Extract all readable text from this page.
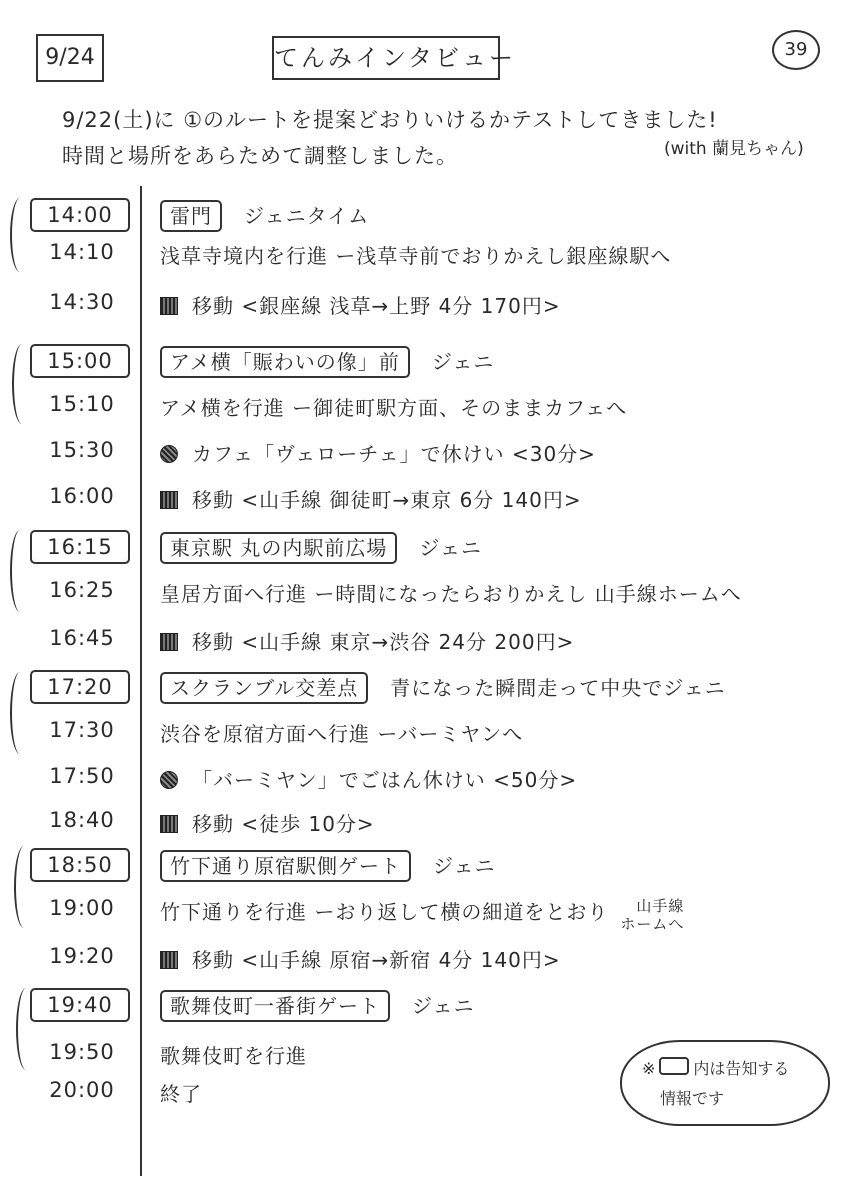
9/24	てんみインタビュー	39
9/22(土)に ①のルートを提案どおりいけるかテストしてきました!
時間と場所をあらためて調整しました。	(with 蘭見ちゃん)
14:00	雷門 ジェニタイム
14:10	浅草寺境内を行進 ー浅草寺前でおりかえし銀座線駅へ
14:30	移動 <銀座線 浅草→上野 4分 170円>
15:00	アメ横「賑わいの像」前 ジェニ
15:10	アメ横を行進 ー御徒町駅方面、そのままカフェへ
15:30	カフェ「ヴェローチェ」で休けい <30分>
16:00	移動 <山手線 御徒町→東京 6分 140円>
16:15	東京駅 丸の内駅前広場 ジェニ
16:25	皇居方面へ行進 ー時間になったらおりかえし 山手線ホームへ
16:45	移動 <山手線 東京→渋谷 24分 200円>
17:20	スクランブル交差点 青になった瞬間走って中央でジェニ
17:30	渋谷を原宿方面へ行進 ーバーミヤンへ
17:50	「バーミヤン」でごはん休けい <50分>
18:40	移動 <徒歩 10分>
18:50	竹下通り原宿駅側ゲート ジェニ
19:00	竹下通りを行進 ーおり返して横の細道をとおり	山手線
ホームへ
19:20	移動 <山手線 原宿→新宿 4分 140円>
19:40	歌舞伎町一番街ゲート ジェニ
19:50	歌舞伎町を行進
20:00	終了
※ 内は告知する
情報です
